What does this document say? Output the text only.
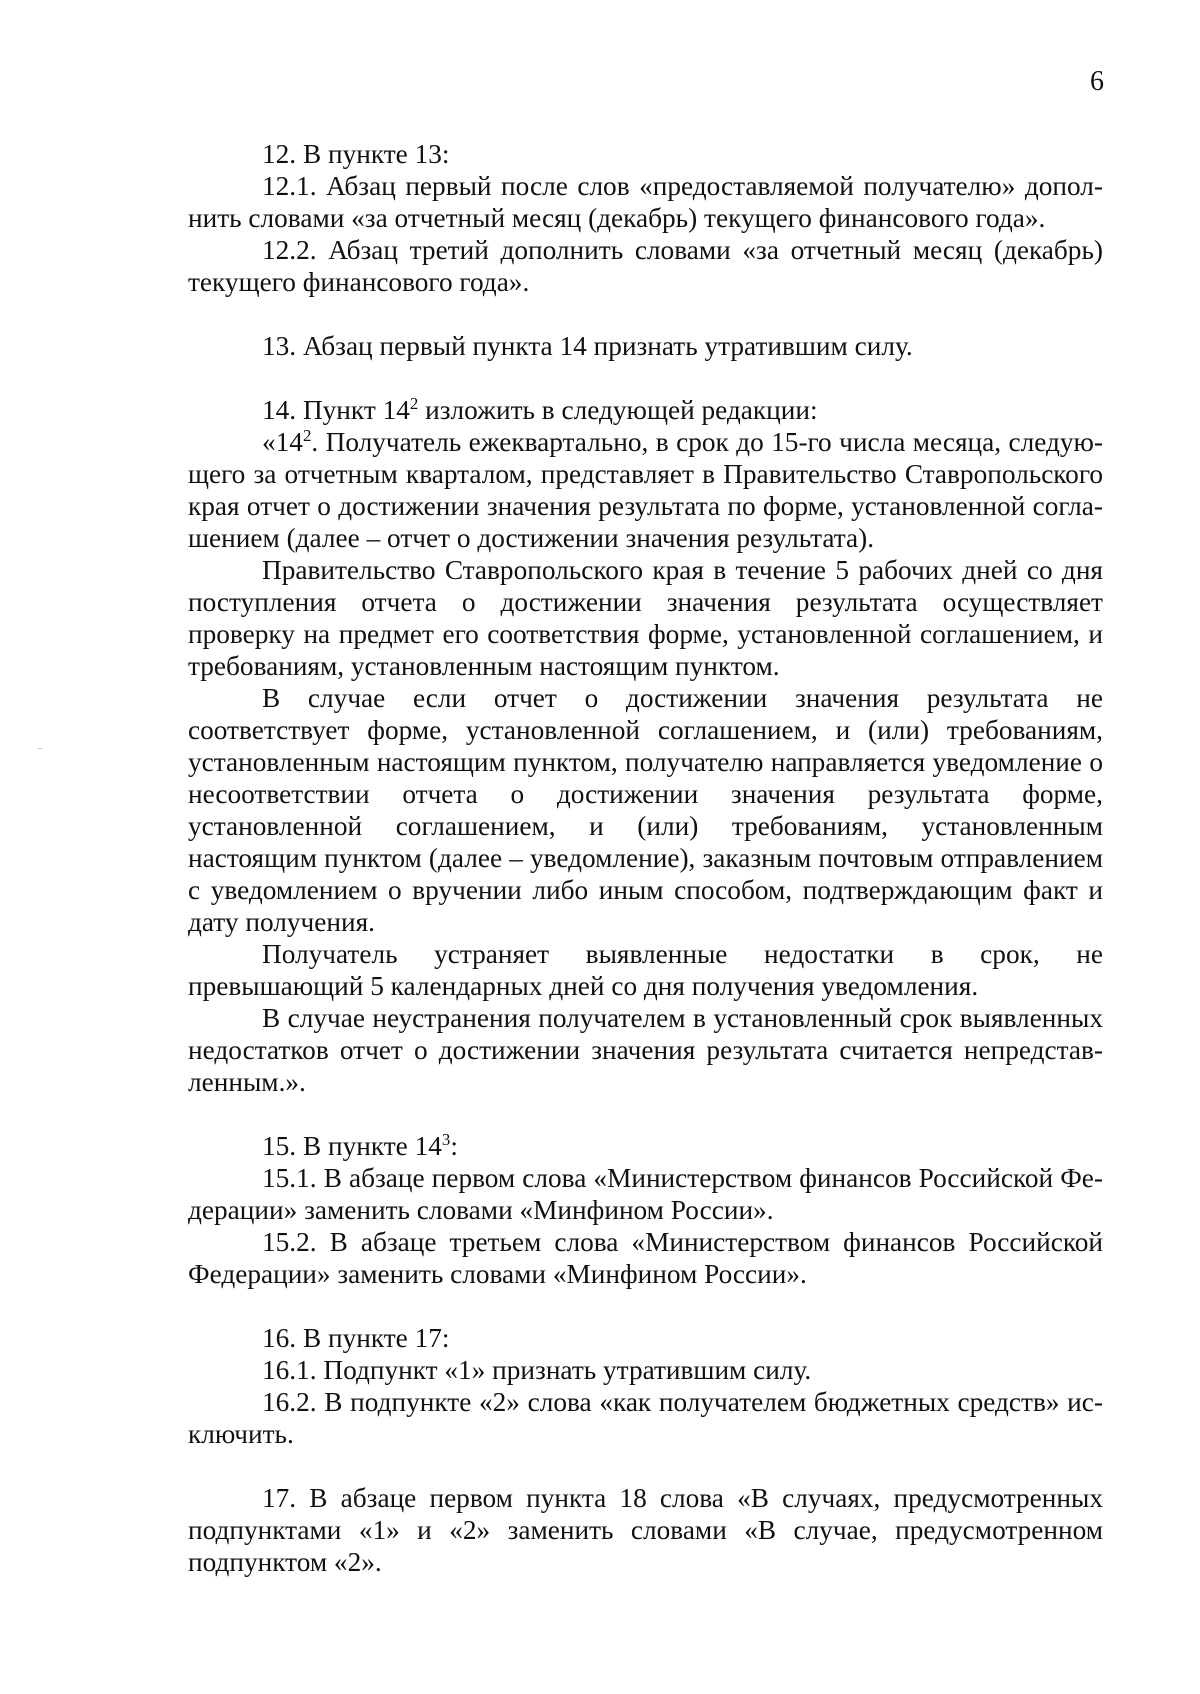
6

12. В пункте 13:

12.1. Абзац первый после слов «предоставляемой получателю» дополнить словами «за отчетный месяц (декабрь) текущего финансового года».

12.2. Абзац третий дополнить словами «за отчетный месяц (декабрь) текущего финансового года».

13. Абзац первый пункта 14 признать утратившим силу.

14. Пункт $14^2$ изложить в следующей редакции:

«$14^2$. Получатель ежеквартально, в срок до 15-го числа месяца, следующего за отчетным кварталом, представляет в Правительство Ставропольского края отчет о достижении значения результата по форме, установленной соглашением (далее – отчет о достижении значения результата).

Правительство Ставропольского края в течение 5 рабочих дней со дня поступления отчета о достижении значения результата осуществляет проверку на предмет его соответствия форме, установленной соглашением, и требованиям, установленным настоящим пунктом.

В случае если отчет о достижении значения результата не соответствует форме, установленной соглашением, и (или) требованиям, установленным настоящим пунктом, получателю направляется уведомление о несоответствии отчета о достижении значения результата форме, установленной соглашением, и (или) требованиям, установленным настоящим пунктом (далее – уведомление), заказным почтовым отправлением с уведомлением о вручении либо иным способом, подтверждающим факт и дату получения.

Получатель устраняет выявленные недостатки в срок, не превышающий 5 календарных дней со дня получения уведомления.

В случае неустранения получателем в установленный срок выявленных недостатков отчет о достижении значения результата считается непредставленным.».

15. В пункте $14^3$:

15.1. В абзаце первом слова «Министерством финансов Российской Федерации» заменить словами «Минфином России».

15.2. В абзаце третьем слова «Министерством финансов Российской Федерации» заменить словами «Минфином России».

16. В пункте 17:

16.1. Подпункт «1» признать утратившим силу.

16.2. В подпункте «2» слова «как получателем бюджетных средств» исключить.

17. В абзаце первом пункта 18 слова «В случаях, предусмотренных подпунктами «1» и «2» заменить словами «В случае, предусмотренном подпунктом «2».
